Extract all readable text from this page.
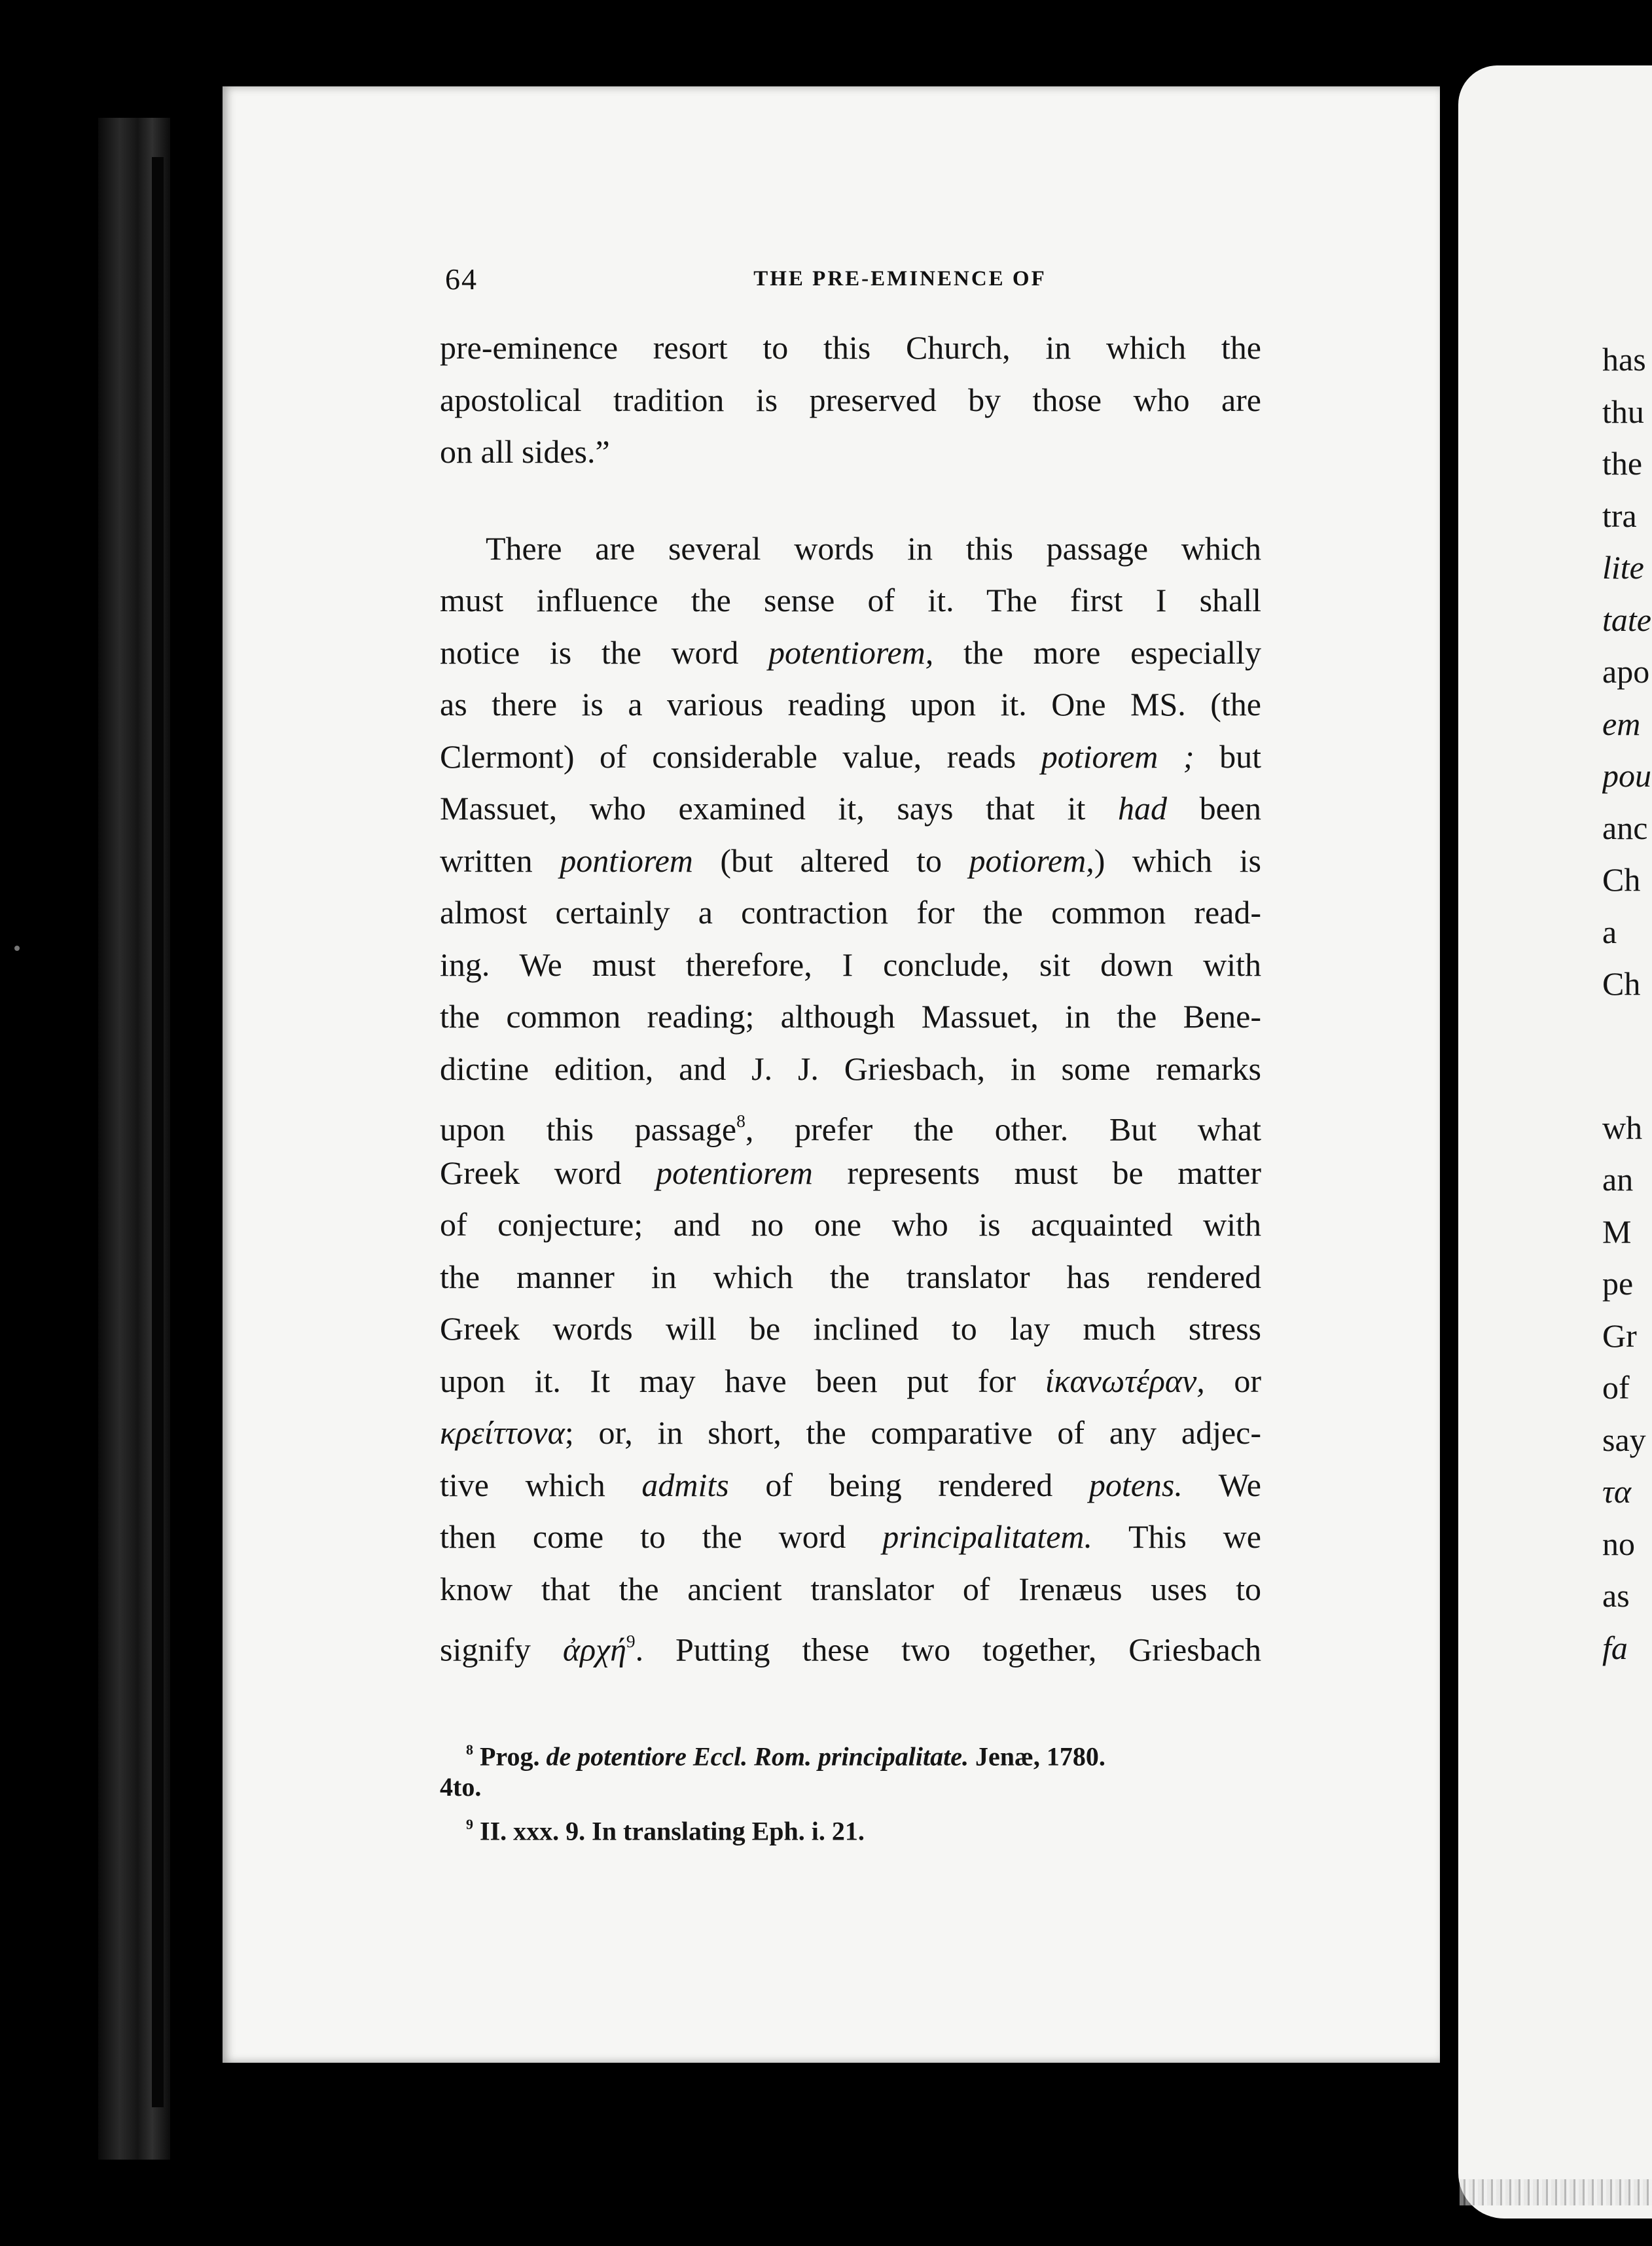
64	THE PRE-EMINENCE OF
pre-eminence resort to this Church, in which the
apostolical tradition is preserved by those who are
on all sides.”
There are several words in this passage which
must influence the sense of it. The first I shall
notice is the word potentiorem, the more especially
as there is a various reading upon it. One MS. (the
Clermont) of considerable value, reads potiorem ; but
Massuet, who examined it, says that it had been
written pontiorem (but altered to potiorem,) which is
almost certainly a contraction for the common read-
ing. We must therefore, I conclude, sit down with
the common reading; although Massuet, in the Bene-
dictine edition, and J. J. Griesbach, in some remarks
upon this passage$^8$, prefer the other. But what
Greek word potentiorem represents must be matter
of conjecture; and no one who is acquainted with
the manner in which the translator has rendered
Greek words will be inclined to lay much stress
upon it. It may have been put for ἱκανωτέραν, or
κρείττονα; or, in short, the comparative of any adjec-
tive which admits of being rendered potens. We
then come to the word principalitatem. This we
know that the ancient translator of Irenæus uses to
signify ἀρχή$^9$. Putting these two together, Griesbach
$^8$ Prog. de potentiore Eccl. Rom. principalitate. Jenæ, 1780.
4to.
$^9$ II. xxx. 9. In translating Eph. i. 21.
has
thu
the
tra
lite
tate
apo
em
pou
anc
Ch
a
Ch
wh
an
M
pe
Gr
of
say
τα
no
as
fa
